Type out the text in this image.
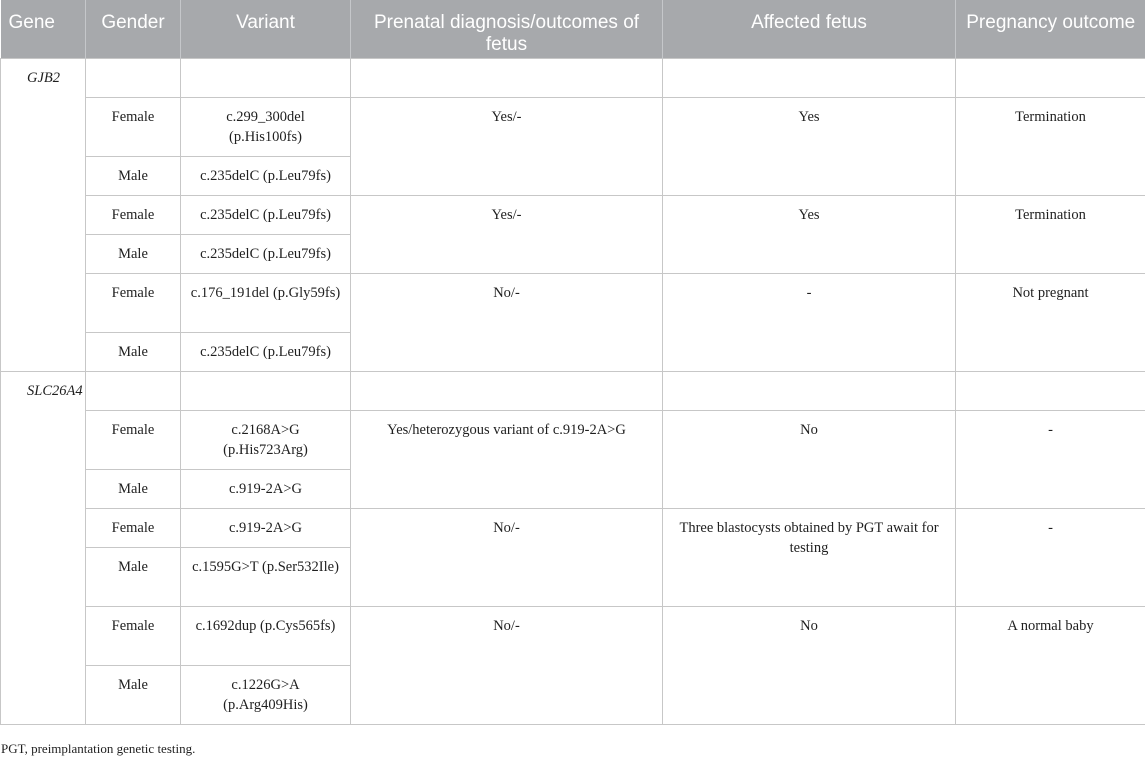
Gene	Gender	Variant	Prenatal diagnosis/outcomes of fetus	Affected fetus	Pregnancy outcome
GJB2					
	Female	c.299_300del (p.His100fs)	Yes/-	Yes	Termination
	Male	c.235delC (p.Leu79fs)			
	Female	c.235delC (p.Leu79fs)	Yes/-	Yes	Termination
	Male	c.235delC (p.Leu79fs)			
	Female	c.176_191del (p.Gly59fs)	No/-	-	Not pregnant
	Male	c.235delC (p.Leu79fs)			
SLC26A4					
	Female	c.2168A>G (p.His723Arg)	Yes/heterozygous variant of c.919-2A>G	No	-
	Male	c.919-2A>G			
	Female	c.919-2A>G	No/-	Three blastocysts obtained by PGT await for testing	-
	Male	c.1595G>T (p.Ser532Ile)			
	Female	c.1692dup (p.Cys565fs)	No/-	No	A normal baby
	Male	c.1226G>A (p.Arg409His)			

PGT, preimplantation genetic testing.
